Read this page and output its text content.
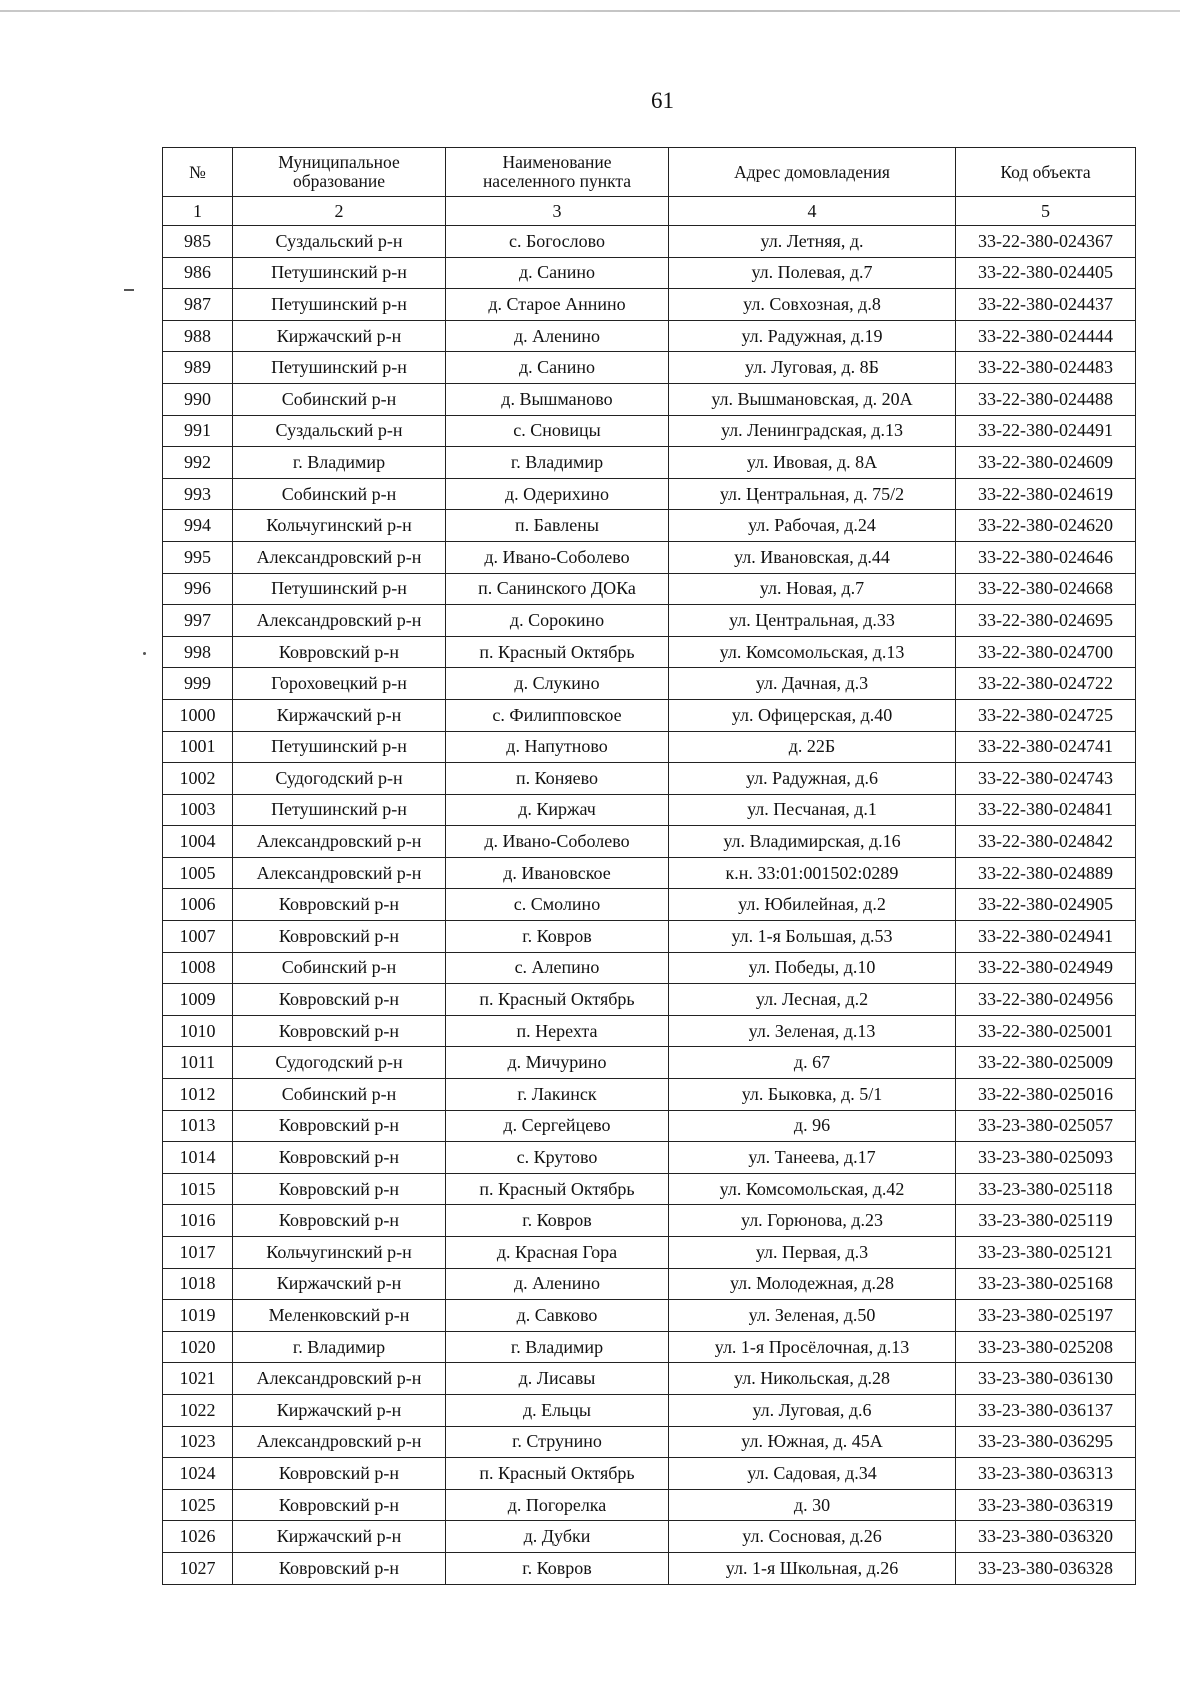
61
№	Муниципальное образование	Наименование населенного пункта	Адрес домовладения	Код объекта
1	2	3	4	5
985	Суздальский р-н	с. Богослово	ул. Летняя, д.	33-22-380-024367
986	Петушинский р-н	д. Санино	ул. Полевая, д.7	33-22-380-024405
987	Петушинский р-н	д. Старое Аннино	ул. Совхозная, д.8	33-22-380-024437
988	Киржачский р-н	д. Аленино	ул. Радужная, д.19	33-22-380-024444
989	Петушинский р-н	д. Санино	ул. Луговая, д. 8Б	33-22-380-024483
990	Собинский р-н	д. Вышманово	ул. Вышмановская, д. 20А	33-22-380-024488
991	Суздальский р-н	с. Сновицы	ул. Ленинградская, д.13	33-22-380-024491
992	г. Владимир	г. Владимир	ул. Ивовая, д. 8А	33-22-380-024609
993	Собинский р-н	д. Одерихино	ул. Центральная, д. 75/2	33-22-380-024619
994	Кольчугинский р-н	п. Бавлены	ул. Рабочая, д.24	33-22-380-024620
995	Александровский р-н	д. Ивано-Соболево	ул. Ивановская, д.44	33-22-380-024646
996	Петушинский р-н	п. Санинского ДОКа	ул. Новая, д.7	33-22-380-024668
997	Александровский р-н	д. Сорокино	ул. Центральная, д.33	33-22-380-024695
998	Ковровский р-н	п. Красный Октябрь	ул. Комсомольская, д.13	33-22-380-024700
999	Гороховецкий р-н	д. Слукино	ул. Дачная, д.3	33-22-380-024722
1000	Киржачский р-н	с. Филипповское	ул. Офицерская, д.40	33-22-380-024725
1001	Петушинский р-н	д. Напутново	д. 22Б	33-22-380-024741
1002	Судогодский р-н	п. Коняево	ул. Радужная, д.6	33-22-380-024743
1003	Петушинский р-н	д. Киржач	ул. Песчаная, д.1	33-22-380-024841
1004	Александровский р-н	д. Ивано-Соболево	ул. Владимирская, д.16	33-22-380-024842
1005	Александровский р-н	д. Ивановское	к.н. 33:01:001502:0289	33-22-380-024889
1006	Ковровский р-н	с. Смолино	ул. Юбилейная, д.2	33-22-380-024905
1007	Ковровский р-н	г. Ковров	ул. 1-я Большая, д.53	33-22-380-024941
1008	Собинский р-н	с. Алепино	ул. Победы, д.10	33-22-380-024949
1009	Ковровский р-н	п. Красный Октябрь	ул. Лесная, д.2	33-22-380-024956
1010	Ковровский р-н	п. Нерехта	ул. Зеленая, д.13	33-22-380-025001
1011	Судогодский р-н	д. Мичурино	д. 67	33-22-380-025009
1012	Собинский р-н	г. Лакинск	ул. Быковка, д. 5/1	33-22-380-025016
1013	Ковровский р-н	д. Сергейцево	д. 96	33-23-380-025057
1014	Ковровский р-н	с. Крутово	ул. Танеева, д.17	33-23-380-025093
1015	Ковровский р-н	п. Красный Октябрь	ул. Комсомольская, д.42	33-23-380-025118
1016	Ковровский р-н	г. Ковров	ул. Горюнова, д.23	33-23-380-025119
1017	Кольчугинский р-н	д. Красная Гора	ул. Первая, д.3	33-23-380-025121
1018	Киржачский р-н	д. Аленино	ул. Молодежная, д.28	33-23-380-025168
1019	Меленковский р-н	д. Савково	ул. Зеленая, д.50	33-23-380-025197
1020	г. Владимир	г. Владимир	ул. 1-я Просёлочная, д.13	33-23-380-025208
1021	Александровский р-н	д. Лисавы	ул. Никольская, д.28	33-23-380-036130
1022	Киржачский р-н	д. Ельцы	ул. Луговая, д.6	33-23-380-036137
1023	Александровский р-н	г. Струнино	ул. Южная, д. 45А	33-23-380-036295
1024	Ковровский р-н	п. Красный Октябрь	ул. Садовая, д.34	33-23-380-036313
1025	Ковровский р-н	д. Погорелка	д. 30	33-23-380-036319
1026	Киржачский р-н	д. Дубки	ул. Сосновая, д.26	33-23-380-036320
1027	Ковровский р-н	г. Ковров	ул. 1-я Школьная, д.26	33-23-380-036328
